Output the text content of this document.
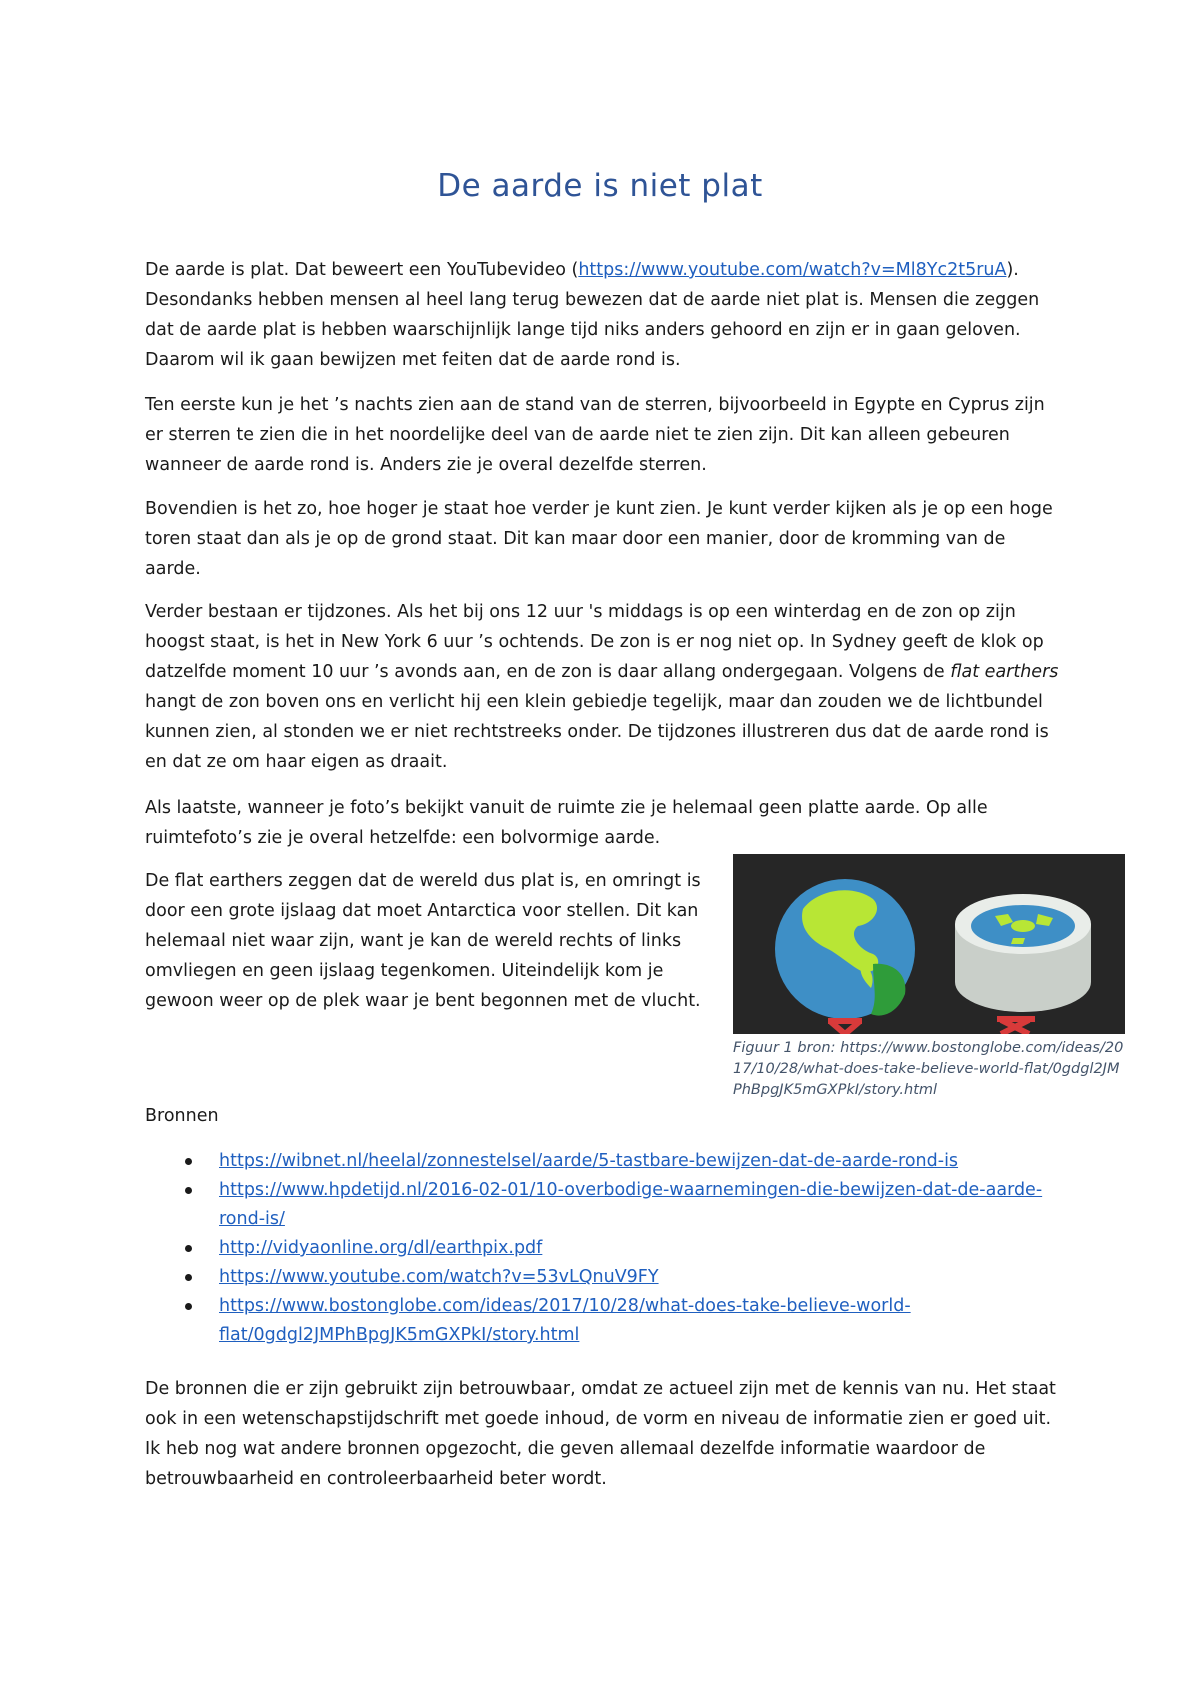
De aarde is niet plat

De aarde is plat. Dat beweert een YouTubevideo (https://www.youtube.com/watch?v=Ml8Yc2t5ruA). Desondanks hebben mensen al heel lang terug bewezen dat de aarde niet plat is. Mensen die zeggen dat de aarde plat is hebben waarschijnlijk lange tijd niks anders gehoord en zijn er in gaan geloven. Daarom wil ik gaan bewijzen met feiten dat de aarde rond is.

Ten eerste kun je het ’s nachts zien aan de stand van de sterren, bijvoorbeeld in Egypte en Cyprus zijn er sterren te zien die in het noordelijke deel van de aarde niet te zien zijn. Dit kan alleen gebeuren wanneer de aarde rond is. Anders zie je overal dezelfde sterren.

Bovendien is het zo, hoe hoger je staat hoe verder je kunt zien. Je kunt verder kijken als je op een hoge toren staat dan als je op de grond staat. Dit kan maar door een manier, door de kromming van de aarde.

Verder bestaan er tijdzones. Als het bij ons 12 uur 's middags is op een winterdag en de zon op zijn hoogst staat, is het in New York 6 uur ’s ochtends. De zon is er nog niet op. In Sydney geeft de klok op datzelfde moment 10 uur ’s avonds aan, en de zon is daar allang ondergegaan. Volgens de flat earthers hangt de zon boven ons en verlicht hij een klein gebiedje tegelijk, maar dan zouden we de lichtbundel kunnen zien, al stonden we er niet rechtstreeks onder. De tijdzones illustreren dus dat de aarde rond is en dat ze om haar eigen as draait.

Als laatste, wanneer je foto’s bekijkt vanuit de ruimte zie je helemaal geen platte aarde. Op alle ruimtefoto’s zie je overal hetzelfde: een bolvormige aarde.

De flat earthers zeggen dat de wereld dus plat is, en omringt is door een grote ijslaag dat moet Antarctica voor stellen. Dit kan helemaal niet waar zijn, want je kan de wereld rechts of links omvliegen en geen ijslaag tegenkomen. Uiteindelijk kom je gewoon weer op de plek waar je bent begonnen met de vlucht.

Figuur 1 bron: https://www.bostonglobe.com/ideas/2017/10/28/what-does-take-believe-world-flat/0gdgl2JMPhBpgJK5mGXPkI/story.html

Bronnen

https://wibnet.nl/heelal/zonnestelsel/aarde/5-tastbare-bewijzen-dat-de-aarde-rond-is
https://www.hpdetijd.nl/2016-02-01/10-overbodige-waarnemingen-die-bewijzen-dat-de-aarde-rond-is/
http://vidyaonline.org/dl/earthpix.pdf
https://www.youtube.com/watch?v=53vLQnuV9FY
https://www.bostonglobe.com/ideas/2017/10/28/what-does-take-believe-world-flat/0gdgl2JMPhBpgJK5mGXPkI/story.html

De bronnen die er zijn gebruikt zijn betrouwbaar, omdat ze actueel zijn met de kennis van nu. Het staat ook in een wetenschapstijdschrift met goede inhoud, de vorm en niveau de informatie zien er goed uit. Ik heb nog wat andere bronnen opgezocht, die geven allemaal dezelfde informatie waardoor de betrouwbaarheid en controleerbaarheid beter wordt.
